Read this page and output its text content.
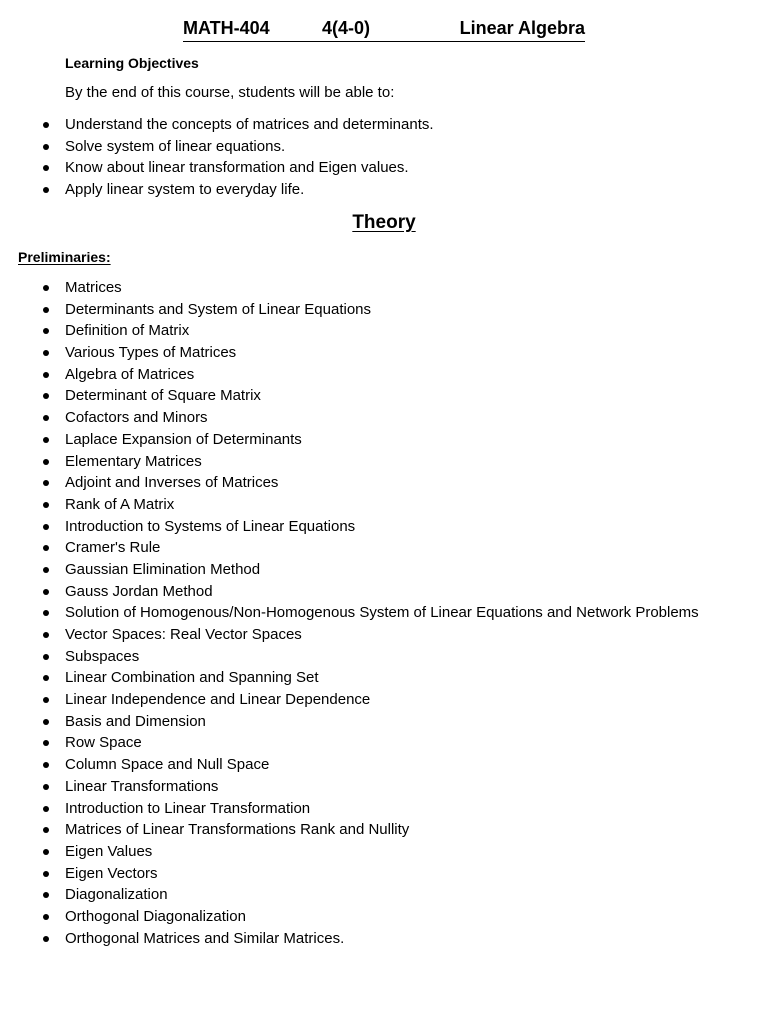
MATH-404	4(4-0)	Linear Algebra
Learning Objectives
By the end of this course, students will be able to:
Understand the concepts of matrices and determinants.
Solve system of linear equations.
Know about linear transformation and Eigen values.
Apply linear system to everyday life.
Theory
Preliminaries:
Matrices
Determinants and System of Linear Equations
Definition of Matrix
Various Types of Matrices
Algebra of Matrices
Determinant of Square Matrix
Cofactors and Minors
Laplace Expansion of Determinants
Elementary Matrices
Adjoint and Inverses of Matrices
Rank of A Matrix
Introduction to Systems of Linear Equations
Cramer's Rule
Gaussian Elimination Method
Gauss Jordan Method
Solution of Homogenous/Non-Homogenous System of Linear Equations and Network Problems
Vector Spaces: Real Vector Spaces
Subspaces
Linear Combination and Spanning Set
Linear Independence and Linear Dependence
Basis and Dimension
Row Space
Column Space and Null Space
Linear Transformations
Introduction to Linear Transformation
Matrices of Linear Transformations Rank and Nullity
Eigen Values
Eigen Vectors
Diagonalization
Orthogonal Diagonalization
Orthogonal Matrices and Similar Matrices.
